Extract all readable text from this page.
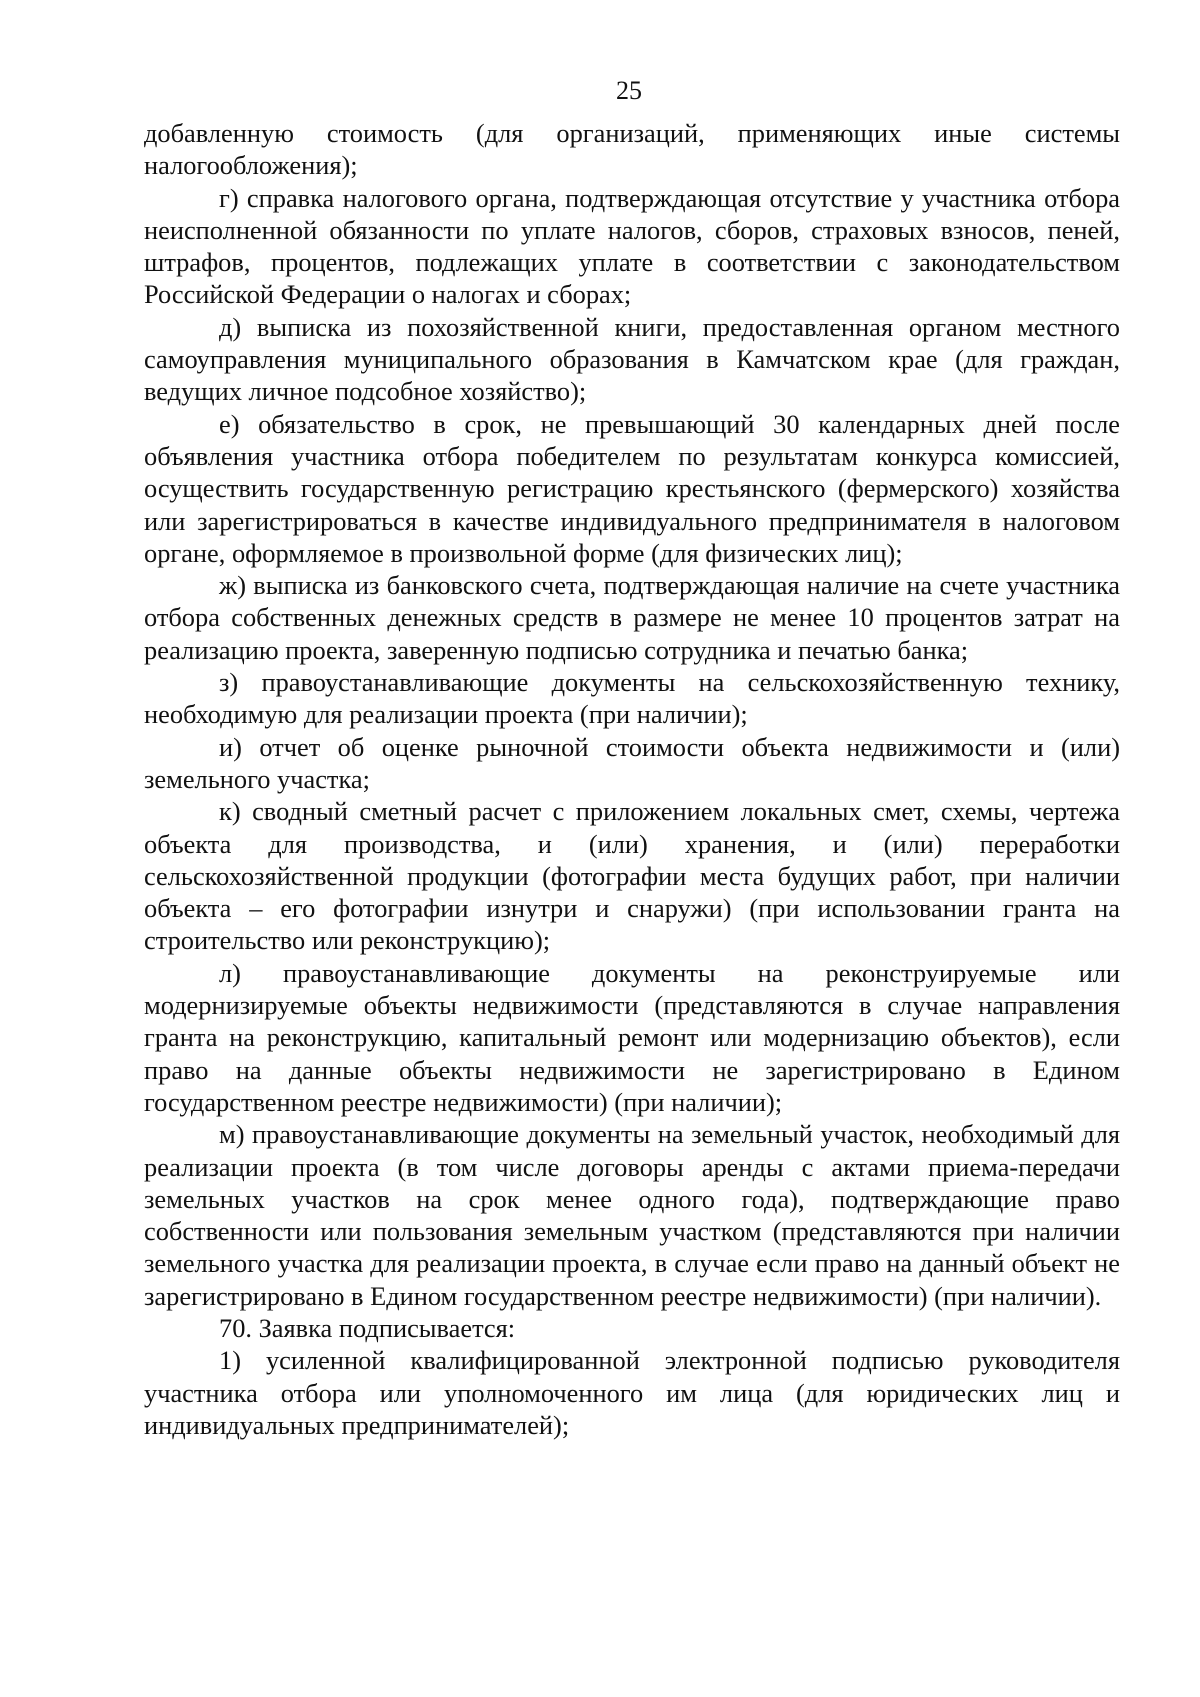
25

добавленную стоимость (для организаций, применяющих иные системы налогообложения);

г) справка налогового органа, подтверждающая отсутствие у участника отбора неисполненной обязанности по уплате налогов, сборов, страховых взносов, пеней, штрафов, процентов, подлежащих уплате в соответствии с законодательством Российской Федерации о налогах и сборах;

д) выписка из похозяйственной книги, предоставленная органом местного самоуправления муниципального образования в Камчатском крае (для граждан, ведущих личное подсобное хозяйство);

е) обязательство в срок, не превышающий 30 календарных дней после объявления участника отбора победителем по результатам конкурса комиссией, осуществить государственную регистрацию крестьянского (фермерского) хозяйства или зарегистрироваться в качестве индивидуального предпринимателя в налоговом органе, оформляемое в произвольной форме (для физических лиц);

ж) выписка из банковского счета, подтверждающая наличие на счете участника отбора собственных денежных средств в размере не менее 10 процентов затрат на реализацию проекта, заверенную подписью сотрудника и печатью банка;

з) правоустанавливающие документы на сельскохозяйственную технику, необходимую для реализации проекта (при наличии);

и) отчет об оценке рыночной стоимости объекта недвижимости и (или) земельного участка;

к) сводный сметный расчет с приложением локальных смет, схемы, чертежа объекта для производства, и (или) хранения, и (или) переработки сельскохозяйственной продукции (фотографии места будущих работ, при наличии объекта – его фотографии изнутри и снаружи) (при использовании гранта на строительство или реконструкцию);

л) правоустанавливающие документы на реконструируемые или модернизируемые объекты недвижимости (представляются в случае направления гранта на реконструкцию, капитальный ремонт или модернизацию объектов), если право на данные объекты недвижимости не зарегистрировано в Едином государственном реестре недвижимости) (при наличии);

м) правоустанавливающие документы на земельный участок, необходимый для реализации проекта (в том числе договоры аренды с актами приема-передачи земельных участков на срок менее одного года), подтверждающие право собственности или пользования земельным участком (представляются при наличии земельного участка для реализации проекта, в случае если право на данный объект не зарегистрировано в Едином государственном реестре недвижимости) (при наличии).

70. Заявка подписывается:

1) усиленной квалифицированной электронной подписью руководителя участника отбора или уполномоченного им лица (для юридических лиц и индивидуальных предпринимателей);
